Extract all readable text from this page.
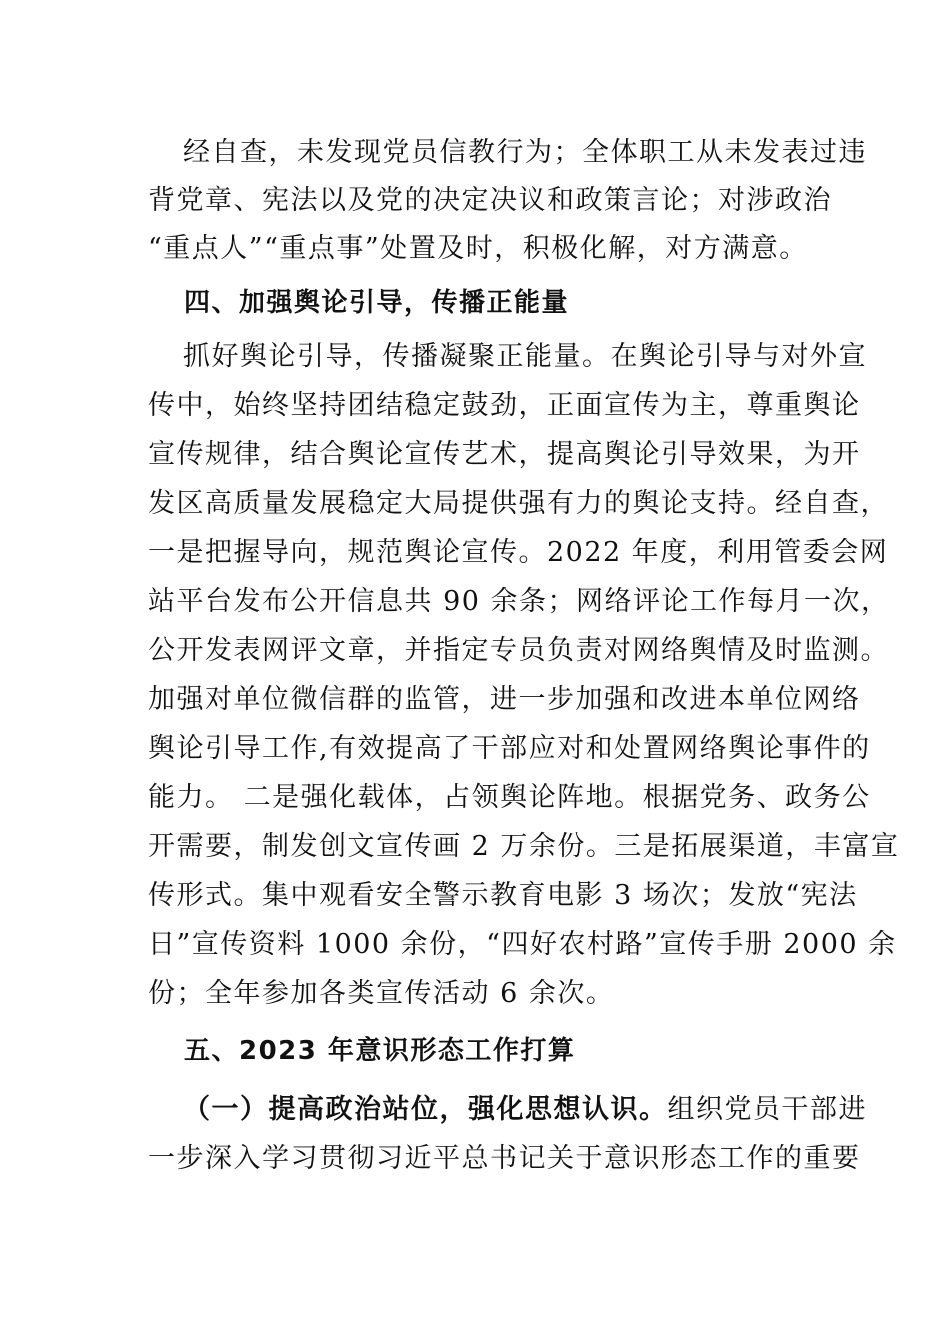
经自查，未发现党员信教行为；全体职工从未发表过违
背党章、宪法以及党的决定决议和政策言论；对涉政治
“重点人”“重点事”处置及时，积极化解，对方满意。
四、加强舆论引导，传播正能量
抓好舆论引导，传播凝聚正能量。在舆论引导与对外宣
传中，始终坚持团结稳定鼓劲，正面宣传为主，尊重舆论
宣传规律，结合舆论宣传艺术，提高舆论引导效果，为开
发区高质量发展稳定大局提供强有力的舆论支持。经自查，
一是把握导向，规范舆论宣传。2022 年度，利用管委会网
站平台发布公开信息共 90 余条；网络评论工作每月一次，
公开发表网评文章，并指定专员负责对网络舆情及时监测。
加强对单位微信群的监管，进一步加强和改进本单位网络
舆论引导工作,有效提高了干部应对和处置网络舆论事件的
能力。 二是强化载体，占领舆论阵地。根据党务、政务公
开需要，制发创文宣传画 2 万余份。三是拓展渠道，丰富宣
传形式。集中观看安全警示教育电影 3 场次；发放“宪法
日”宣传资料 1000 余份，“四好农村路”宣传手册 2000 余
份；全年参加各类宣传活动 6 余次。
五、2023 年意识形态工作打算
（一）提高政治站位，强化思想认识。组织党员干部进
一步深入学习贯彻习近平总书记关于意识形态工作的重要
